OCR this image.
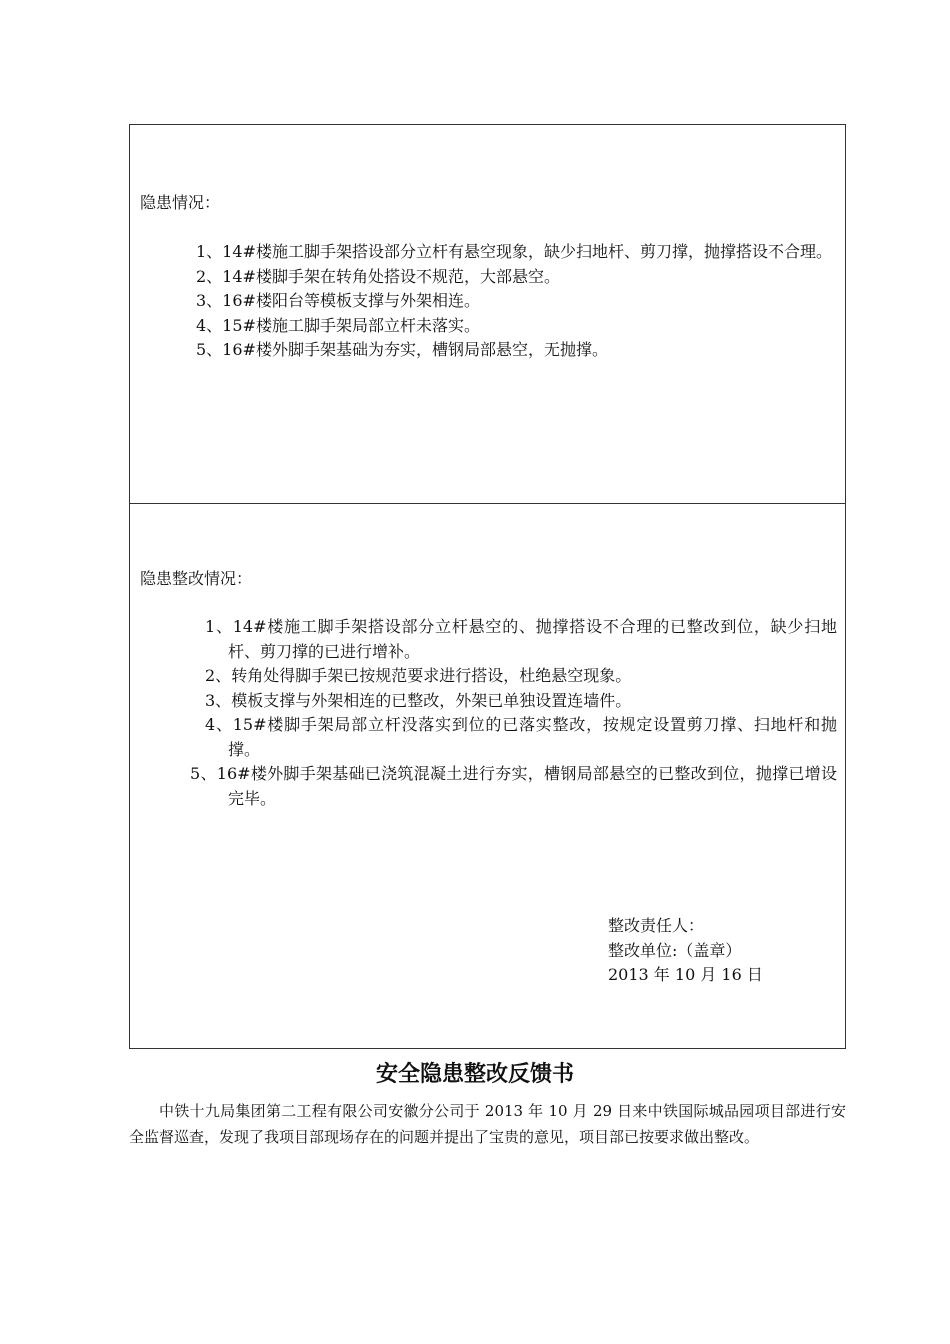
隐患情况：
1、14#楼施工脚手架搭设部分立杆有悬空现象，缺少扫地杆、剪刀撑，抛撑搭设不合理。
2、14#楼脚手架在转角处搭设不规范，大部悬空。
3、16#楼阳台等模板支撑与外架相连。
4、15#楼施工脚手架局部立杆未落实。
5、16#楼外脚手架基础为夯实，槽钢局部悬空，无抛撑。
隐患整改情况：
1、14#楼施工脚手架搭设部分立杆悬空的、抛撑搭设不合理的已整改到位，缺少扫地杆、剪刀撑的已进行增补。
2、转角处得脚手架已按规范要求进行搭设，杜绝悬空现象。
3、模板支撑与外架相连的已整改，外架已单独设置连墙件。
4、15#楼脚手架局部立杆没落实到位的已落实整改，按规定设置剪刀撑、扫地杆和抛撑。
5、16#楼外脚手架基础已浇筑混凝土进行夯实，槽钢局部悬空的已整改到位，抛撑已增设完毕。
整改责任人：
整改单位:（盖章）
2013 年 10 月 16 日
安全隐患整改反馈书

中铁十九局集团第二工程有限公司安徽分公司于 2013 年 10 月 29 日来中铁国际城品园项目部进行安全监督巡查，发现了我项目部现场存在的问题并提出了宝贵的意见，项目部已按要求做出整改。
